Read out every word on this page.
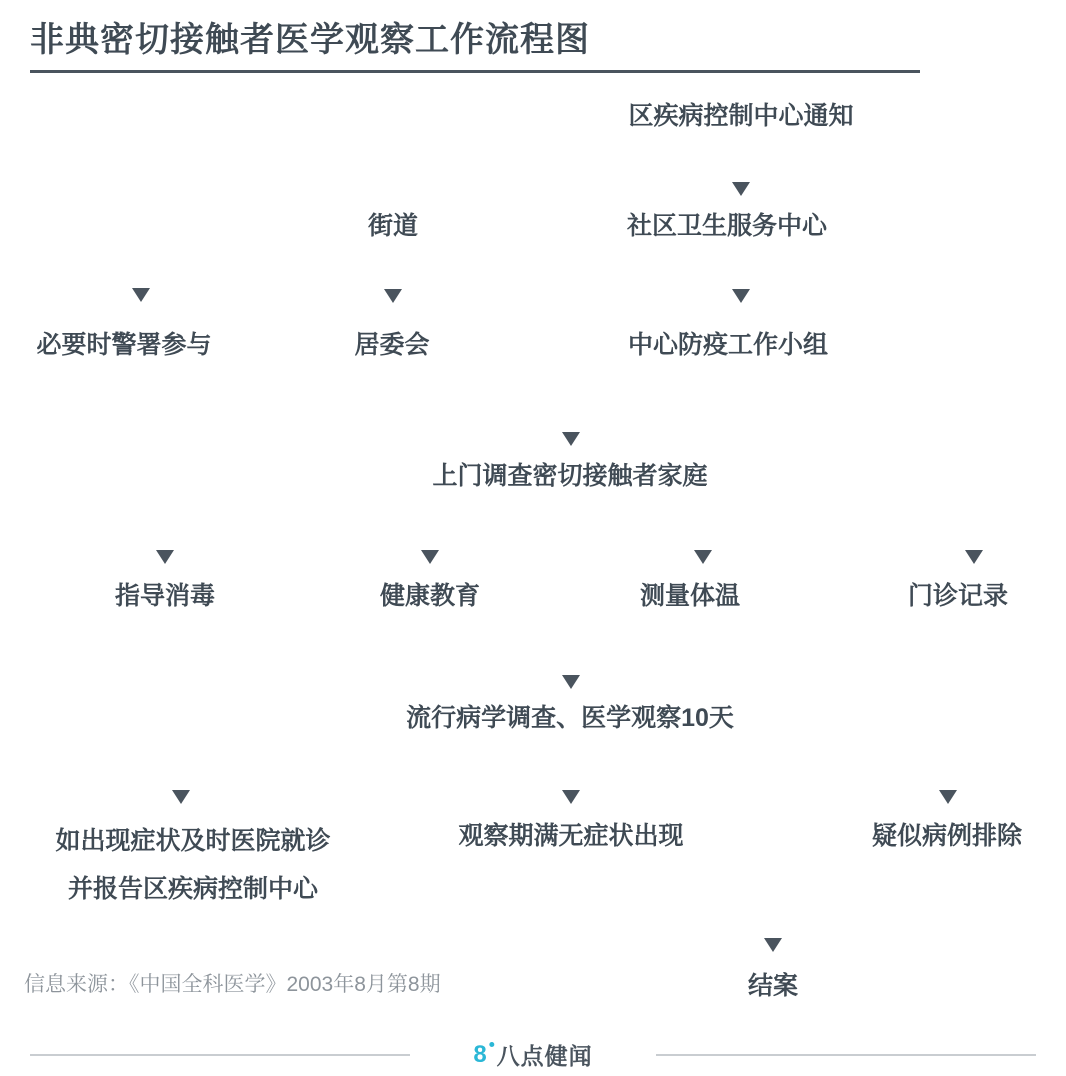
非典密切接触者医学观察工作流程图
区疾病控制中心通知
街道	社区卫生服务中心
必要时警署参与	居委会	中心防疫工作小组
上门调查密切接触者家庭
指导消毒	健康教育	测量体温	门诊记录
流行病学调查、医学观察10天
如出现症状及时医院就诊
并报告区疾病控制中心
观察期满无症状出现	疑似病例排除
结案
信息来源：《中国全科医学》2003年8月第8期
8 八点健闻
